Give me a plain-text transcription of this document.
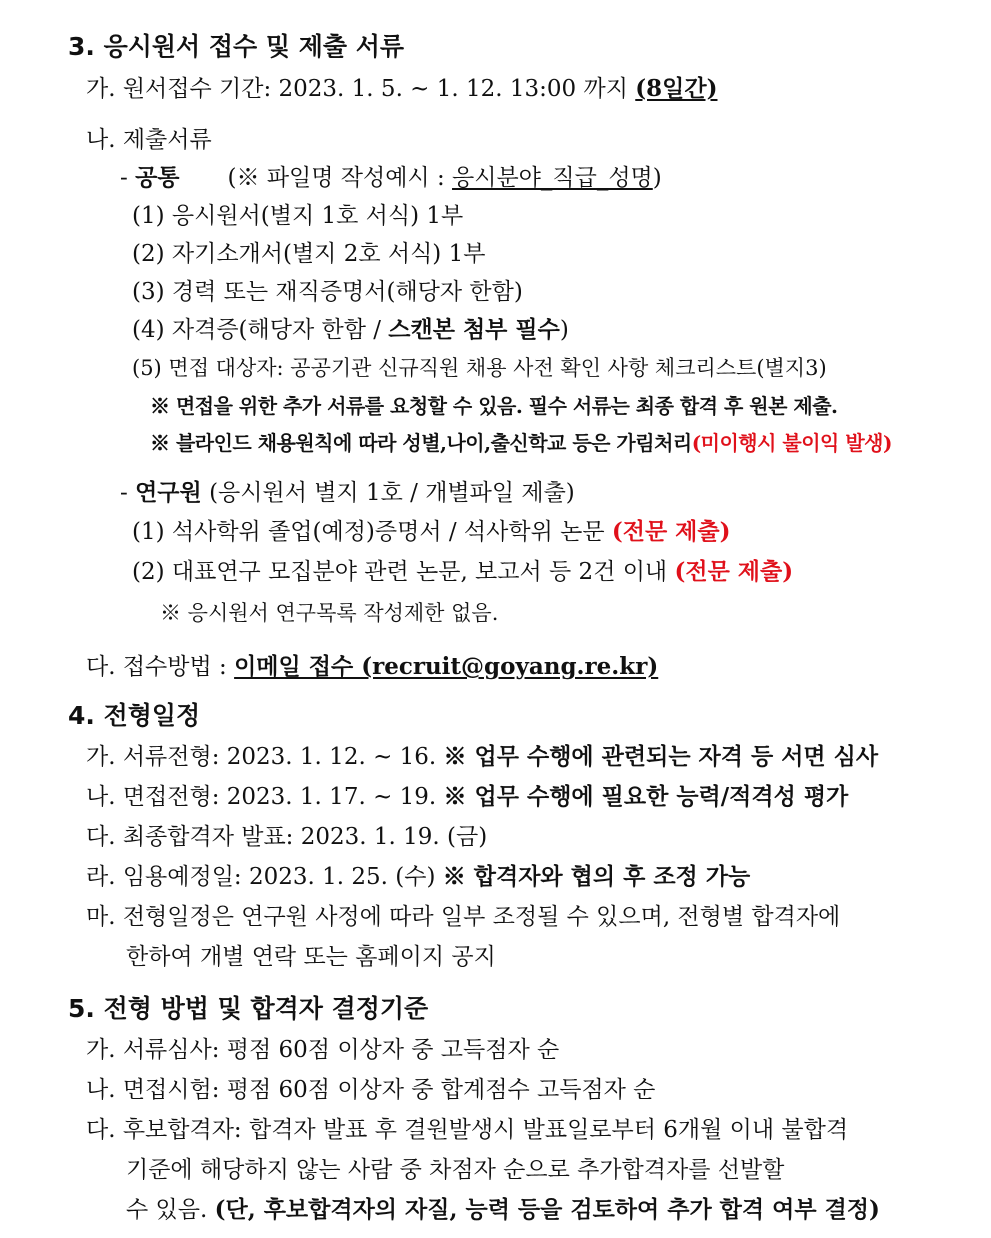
3. 응시원서 접수 및 제출 서류
가. 원서접수 기간: 2023. 1. 5. ~ 1. 12. 13:00 까지 (8일간)
나. 제출서류
- 공통 (※ 파일명 작성예시 : 응시분야_직급_성명)
(1) 응시원서(별지 1호 서식) 1부
(2) 자기소개서(별지 2호 서식) 1부
(3) 경력 또는 재직증명서(해당자 한함)
(4) 자격증(해당자 한함 / 스캔본 첨부 필수)
(5) 면접 대상자: 공공기관 신규직원 채용 사전 확인 사항 체크리스트(별지3)
※ 면접을 위한 추가 서류를 요청할 수 있음. 필수 서류는 최종 합격 후 원본 제출.
※ 블라인드 채용원칙에 따라 성별,나이,출신학교 등은 가림처리(미이행시 불이익 발생)
- 연구원 (응시원서 별지 1호 / 개별파일 제출)
(1) 석사학위 졸업(예정)증명서 / 석사학위 논문 (전문 제출)
(2) 대표연구 모집분야 관련 논문, 보고서 등 2건 이내 (전문 제출)
※ 응시원서 연구목록 작성제한 없음.
다. 접수방법 : 이메일 접수 (recruit@goyang.re.kr)
4. 전형일정
가. 서류전형: 2023. 1. 12. ~ 16. ※ 업무 수행에 관련되는 자격 등 서면 심사
나. 면접전형: 2023. 1. 17. ~ 19. ※ 업무 수행에 필요한 능력/적격성 평가
다. 최종합격자 발표: 2023. 1. 19. (금)
라. 임용예정일: 2023. 1. 25. (수) ※ 합격자와 협의 후 조정 가능
마. 전형일정은 연구원 사정에 따라 일부 조정될 수 있으며, 전형별 합격자에
한하여 개별 연락 또는 홈페이지 공지
5. 전형 방법 및 합격자 결정기준
가. 서류심사: 평점 60점 이상자 중 고득점자 순
나. 면접시험: 평점 60점 이상자 중 합계점수 고득점자 순
다. 후보합격자: 합격자 발표 후 결원발생시 발표일로부터 6개월 이내 불합격
기준에 해당하지 않는 사람 중 차점자 순으로 추가합격자를 선발할
수 있음. (단, 후보합격자의 자질, 능력 등을 검토하여 추가 합격 여부 결정)
